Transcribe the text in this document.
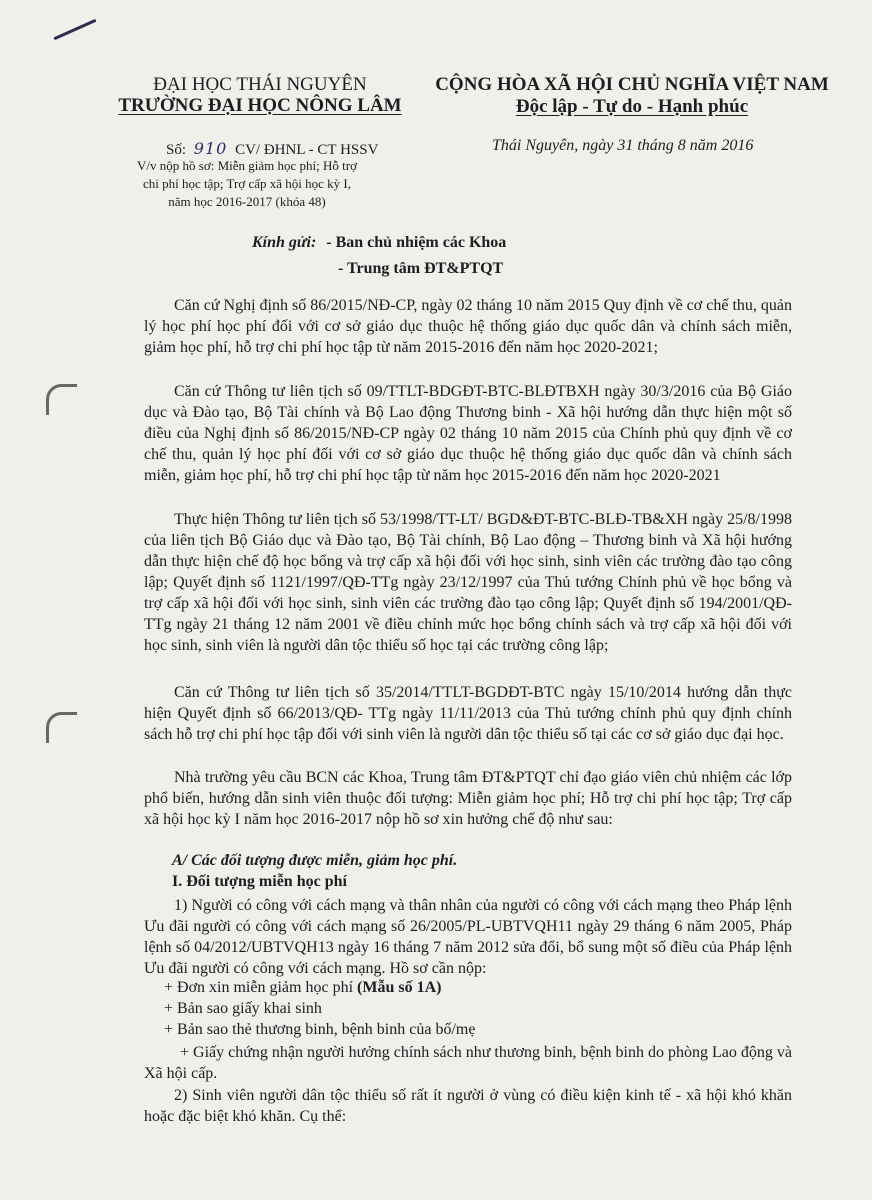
ĐẠI HỌC THÁI NGUYÊN
TRƯỜNG ĐẠI HỌC NÔNG LÂM
CỘNG HÒA XÃ HỘI CHỦ NGHĨA VIỆT NAM
Độc lập - Tự do - Hạnh phúc
Số: 910 CV/ ĐHNL - CT HSSV	Thái Nguyên, ngày 31 tháng 8 năm 2016
V/v nộp hồ sơ: Miễn giảm học phí; Hỗ trợ chi phí học tập; Trợ cấp xã hội học kỳ I, năm học 2016-2017 (khóa 48)
Kính gửi: - Ban chủ nhiệm các Khoa
- Trung tâm ĐT&PTQT

Căn cứ Nghị định số 86/2015/NĐ-CP, ngày 02 tháng 10 năm 2015 Quy định về cơ chế thu, quản lý học phí học phí đối với cơ sở giáo dục thuộc hệ thống giáo dục quốc dân và chính sách miễn, giảm học phí, hỗ trợ chi phí học tập từ năm 2015-2016 đến năm học 2020-2021;

Căn cứ Thông tư liên tịch số 09/TTLT-BDGĐT-BTC-BLĐTBXH ngày 30/3/2016 của Bộ Giáo dục và Đào tạo, Bộ Tài chính và Bộ Lao động Thương binh - Xã hội hướng dẫn thực hiện một số điều của Nghị định số 86/2015/NĐ-CP ngày 02 tháng 10 năm 2015 của Chính phủ quy định về cơ chế thu, quản lý học phí đối với cơ sở giáo dục thuộc hệ thống giáo dục quốc dân và chính sách miễn, giảm học phí, hỗ trợ chi phí học tập từ năm học 2015-2016 đến năm học 2020-2021

Thực hiện Thông tư liên tịch số 53/1998/TT-LT/ BGD&ĐT-BTC-BLĐ-TB&XH ngày 25/8/1998 của liên tịch Bộ Giáo dục và Đào tạo, Bộ Tài chính, Bộ Lao động – Thương binh và Xã hội hướng dẫn thực hiện chế độ học bổng và trợ cấp xã hội đối với học sinh, sinh viên các trường đào tạo công lập; Quyết định số 1121/1997/QĐ-TTg ngày 23/12/1997 của Thủ tướng Chính phủ về học bổng và trợ cấp xã hội đối với học sinh, sinh viên các trường đào tạo công lập; Quyết định số 194/2001/QĐ-TTg ngày 21 tháng 12 năm 2001 về điều chỉnh mức học bổng chính sách và trợ cấp xã hội đối với học sinh, sinh viên là người dân tộc thiểu số học tại các trường công lập;

Căn cứ Thông tư liên tịch số 35/2014/TTLT-BGDĐT-BTC ngày 15/10/2014 hướng dẫn thực hiện Quyết định số 66/2013/QĐ- TTg ngày 11/11/2013 của Thủ tướng chính phủ quy định chính sách hỗ trợ chi phí học tập đối với sinh viên là người dân tộc thiểu số tại các cơ sở giáo dục đại học.

Nhà trường yêu cầu BCN các Khoa, Trung tâm ĐT&PTQT chỉ đạo giáo viên chủ nhiệm các lớp phổ biến, hướng dẫn sinh viên thuộc đối tượng: Miễn giảm học phí; Hỗ trợ chi phí học tập; Trợ cấp xã hội học kỳ I năm học 2016-2017 nộp hồ sơ xin hưởng chế độ như sau:

A/ Các đối tượng được miễn, giảm học phí.
I. Đối tượng miễn học phí

1) Người có công với cách mạng và thân nhân của người có công với cách mạng theo Pháp lệnh Ưu đãi người có công với cách mạng số 26/2005/PL-UBTVQH11 ngày 29 tháng 6 năm 2005, Pháp lệnh số 04/2012/UBTVQH13 ngày 16 tháng 7 năm 2012 sửa đổi, bổ sung một số điều của Pháp lệnh Ưu đãi người có công với cách mạng. Hồ sơ cần nộp:

+ Đơn xin miễn giảm học phí (Mẫu số 1A)
+ Bản sao giấy khai sinh
+ Bản sao thẻ thương binh, bệnh binh của bố/mẹ
+ Giấy chứng nhận người hưởng chính sách như thương binh, bệnh binh do phòng Lao động và Xã hội cấp.

2) Sinh viên người dân tộc thiểu số rất ít người ở vùng có điều kiện kinh tế - xã hội khó khăn hoặc đặc biệt khó khăn. Cụ thể:
